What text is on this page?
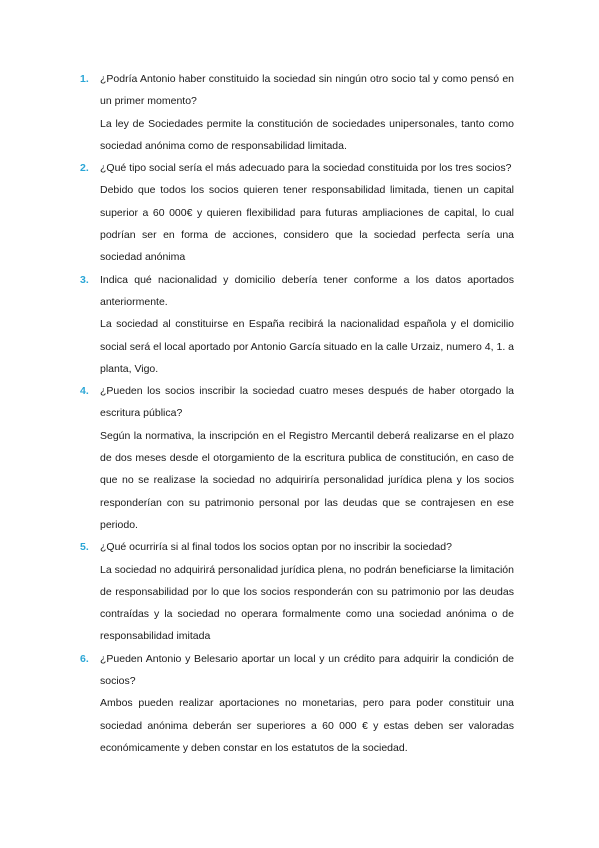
1.	¿Podría Antonio haber constituido la sociedad sin ningún otro socio tal y como pensó en un primer momento?

La ley de Sociedades permite la constitución de sociedades unipersonales, tanto como sociedad anónima como de responsabilidad limitada.

2.	¿Qué tipo social sería el más adecuado para la sociedad constituida por los tres socios?

Debido que todos los socios quieren tener responsabilidad limitada, tienen un capital superior a 60 000€ y quieren flexibilidad para futuras ampliaciones de capital, lo cual podrían ser en forma de acciones, considero que la sociedad perfecta sería una sociedad anónima

3.	Indica qué nacionalidad y domicilio debería tener conforme a los datos aportados anteriormente.

La sociedad al constituirse en España recibirá la nacionalidad española y el domicilio social será el local aportado por Antonio García situado en la calle Urzaiz, numero 4, 1. a planta, Vigo.

4.	¿Pueden los socios inscribir la sociedad cuatro meses después de haber otorgado la escritura pública?

Según la normativa, la inscripción en el Registro Mercantil deberá realizarse en el plazo de dos meses desde el otorgamiento de la escritura publica de constitución, en caso de que no se realizase la sociedad no adquiriría personalidad jurídica plena y los socios responderían con su patrimonio personal por las deudas que se contrajesen en ese periodo.

5.	¿Qué ocurriría si al final todos los socios optan por no inscribir la sociedad?

La sociedad no adquirirá personalidad jurídica plena, no podrán beneficiarse la limitación de responsabilidad por lo que los socios responderán con su patrimonio por las deudas contraídas y la sociedad no operara formalmente como una sociedad anónima o de responsabilidad imitada

6.	¿Pueden Antonio y Belesario aportar un local y un crédito para adquirir la condición de socios?

Ambos pueden realizar aportaciones no monetarias, pero para poder constituir una sociedad anónima deberán ser superiores a 60 000 € y estas deben ser valoradas económicamente y deben constar en los estatutos de la sociedad.
